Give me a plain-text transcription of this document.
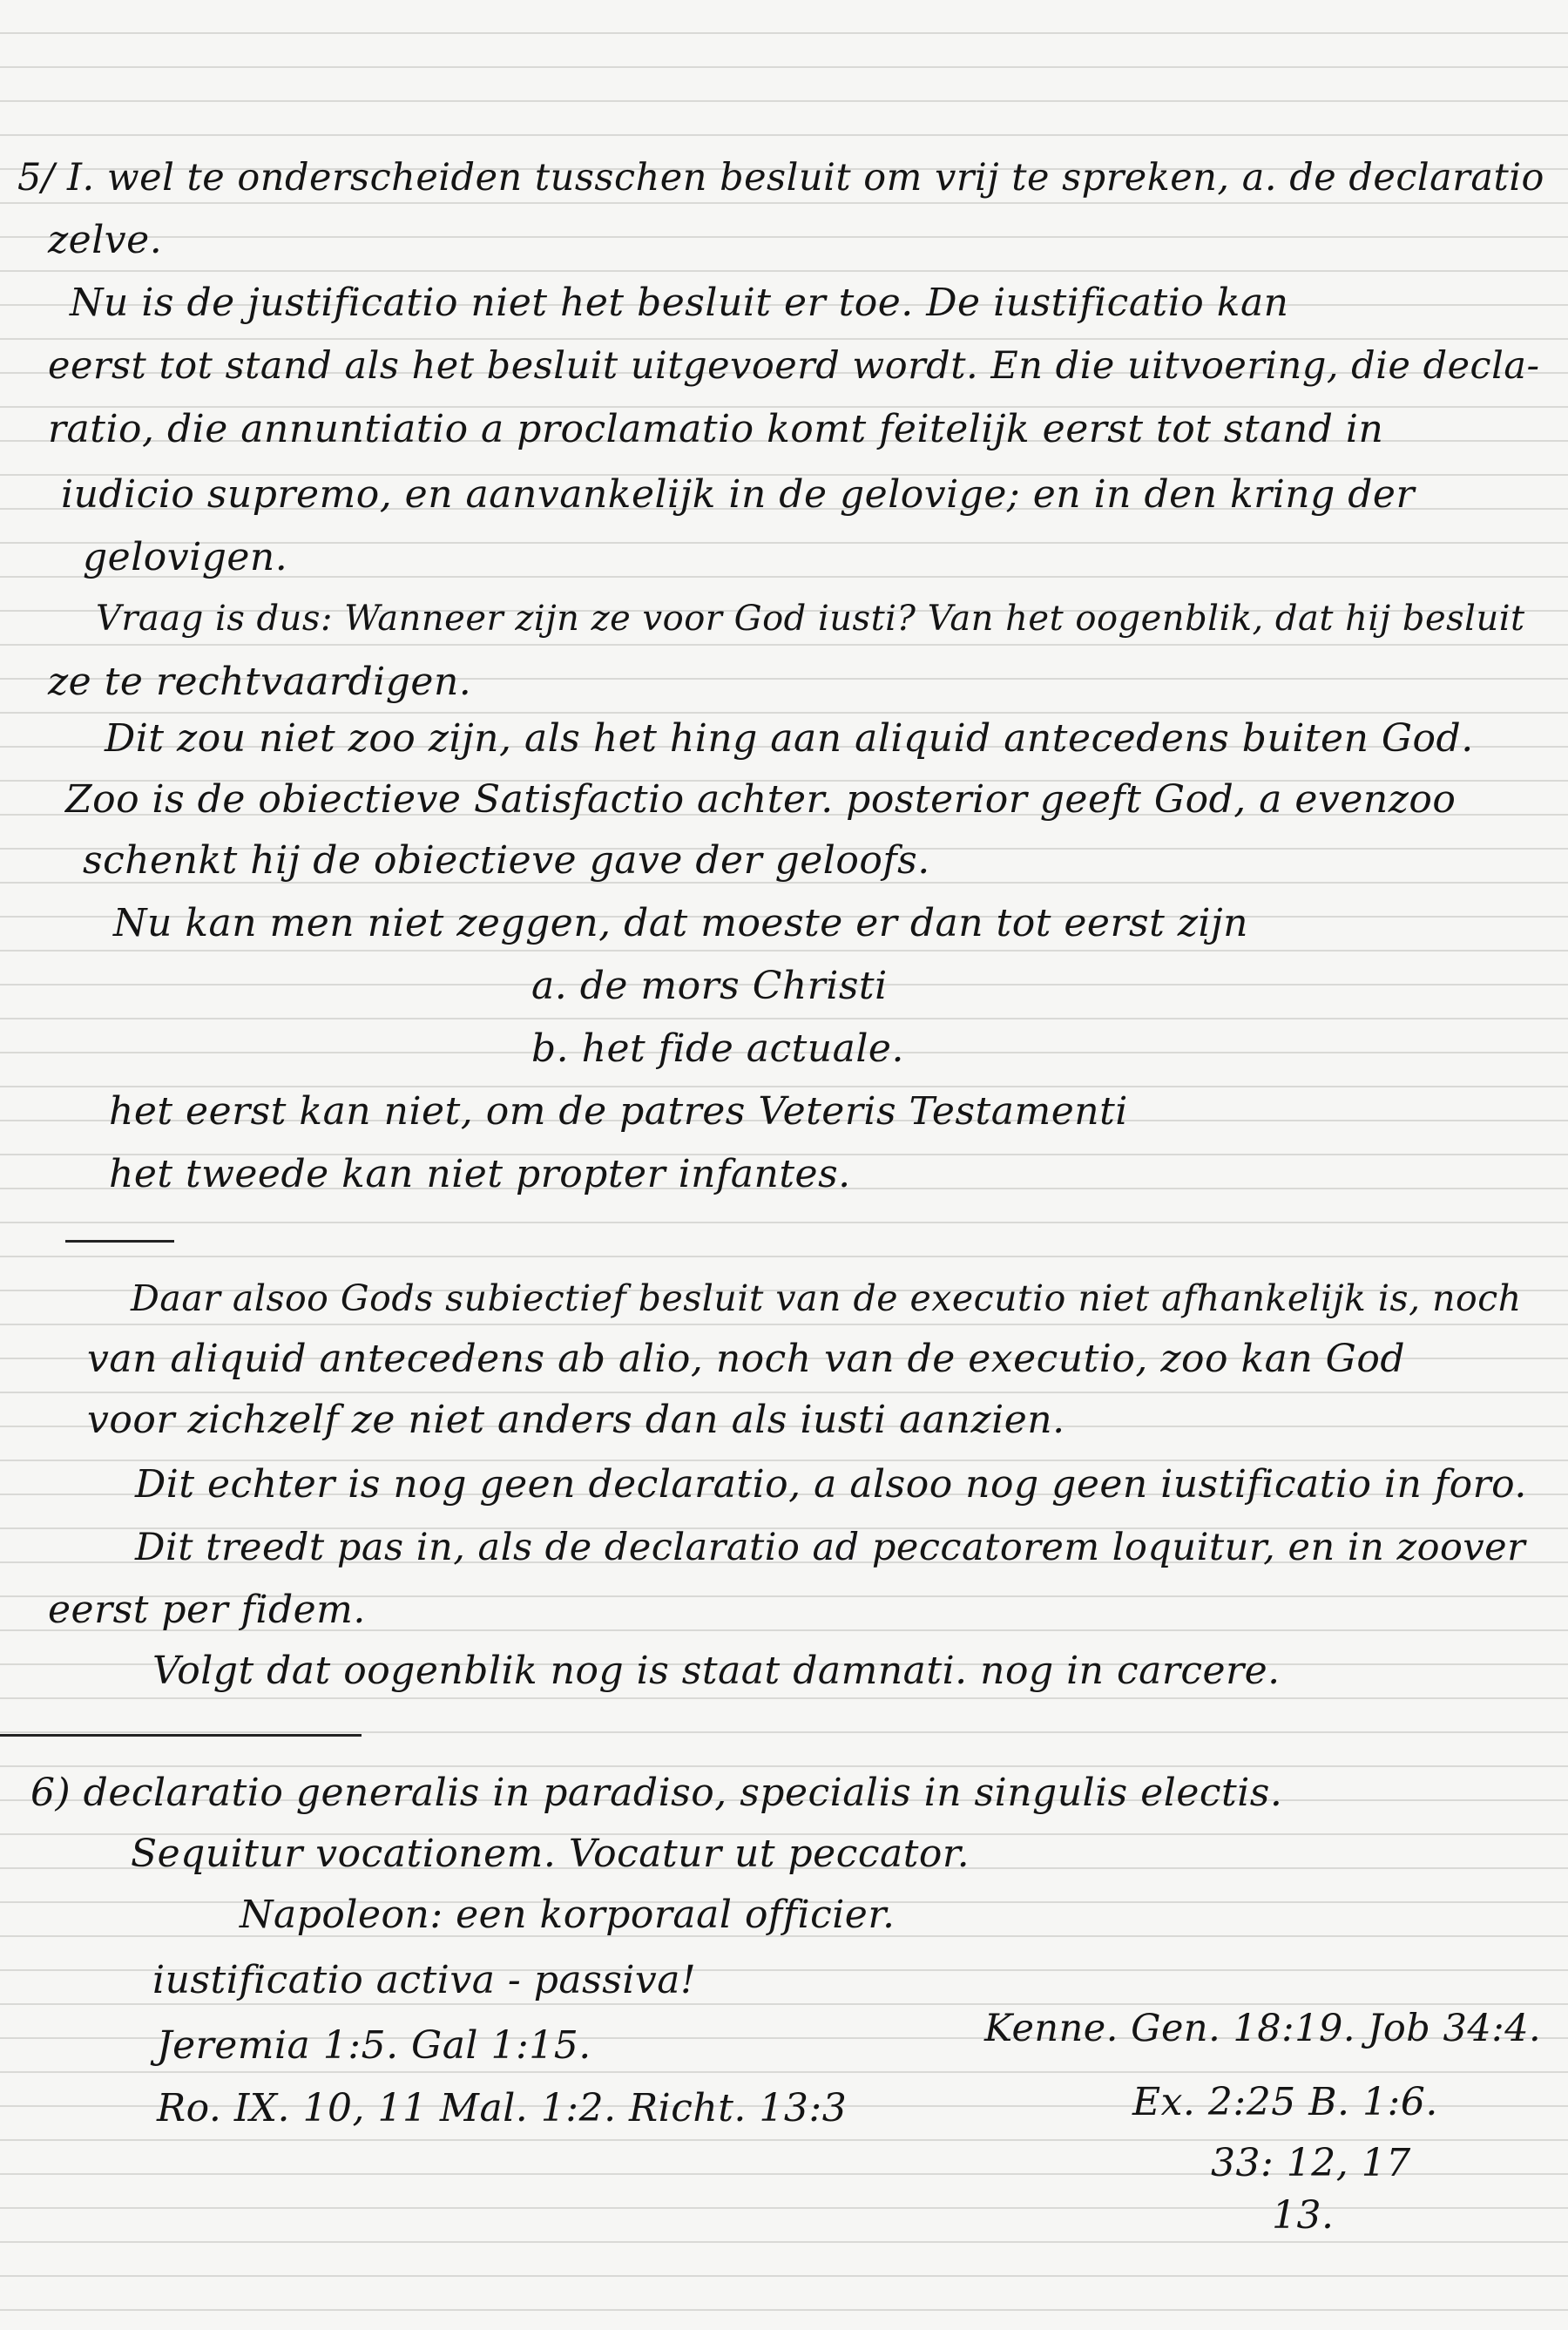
5/ I. wel te onderscheiden tusschen besluit om vrij te spreken, a. de declaratio
zelve.
Nu is de justificatio niet het besluit er toe. De iustificatio kan
eerst tot stand als het besluit uitgevoerd wordt. En die uitvoering, die decla-
ratio, die annuntiatio a proclamatio komt feitelijk eerst tot stand in
iudicio supremo, en aanvankelijk in de gelovige; en in den kring der
gelovigen.
Vraag is dus: Wanneer zijn ze voor God iusti? Van het oogenblik, dat hij besluit
ze te rechtvaardigen.
Dit zou niet zoo zijn, als het hing aan aliquid antecedens buiten God.
Zoo is de obiectieve Satisfactio achter. posterior geeft God, a evenzoo
schenkt hij de obiectieve gave der geloofs.
Nu kan men niet zeggen, dat moeste er dan tot eerst zijn
a. de mors Christi
b. het fide actuale.
het eerst kan niet, om de patres Veteris Testamenti
het tweede kan niet propter infantes.
Daar alsoo Gods subiectief besluit van de executio niet afhankelijk is, noch
van aliquid antecedens ab alio, noch van de executio, zoo kan God
voor zichzelf ze niet anders dan als iusti aanzien.
Dit echter is nog geen declaratio, a alsoo nog geen iustificatio in foro.
Dit treedt pas in, als de declaratio ad peccatorem loquitur, en in zoover
eerst per fidem.
Volgt dat oogenblik nog is staat damnati. nog in carcere.
6) declaratio generalis in paradiso, specialis in singulis electis.
Sequitur vocationem. Vocatur ut peccator.
Napoleon: een korporaal officier.
iustificatio activa - passiva!
Jeremia 1:5. Gal 1:15.
Ro. IX. 10, 11 Mal. 1:2. Richt. 13:3
Kenne. Gen. 18:19. Job 34:4.
Ex. 2:25 B. 1:6.
33: 12, 17
13.
